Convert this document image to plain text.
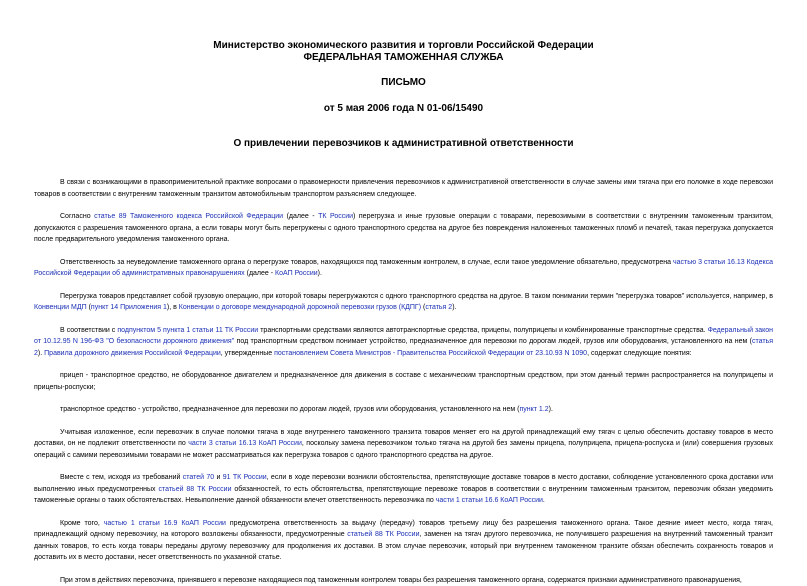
Министерство экономического развития и торговли Российской Федерации
ФЕДЕРАЛЬНАЯ ТАМОЖЕННАЯ СЛУЖБА
ПИСЬМО
от 5 мая 2006 года N 01-06/15490
О привлечении перевозчиков к административной ответственности

В связи с возникающими в правоприменительной практике вопросами о правомерности привлечения перевозчиков к административной ответственности в случае замены ими тягача при его поломке в ходе перевозки товаров в соответствии с внутренним таможенным транзитом автомобильным транспортом разъясняем следующее.

Согласно статье 89 Таможенного кодекса Российской Федерации (далее - ТК России) перегрузка и иные грузовые операции с товарами, перевозимыми в соответствии с внутренним таможенным транзитом, допускаются с разрешения таможенного органа, а если товары могут быть перегружены с одного транспортного средства на другое без повреждения наложенных таможенных пломб и печатей, такая перегрузка допускается после предварительного уведомления таможенного органа.

Ответственность за неуведомление таможенного органа о перегрузке товаров, находящихся под таможенным контролем, в случае, если такое уведомление обязательно, предусмотрена частью 3 статьи 16.13 Кодекса Российской Федерации об административных правонарушениях (далее - КоАП России).

Перегрузка товаров представляет собой грузовую операцию, при которой товары перегружаются с одного транспортного средства на другое. В таком понимании термин "перегрузка товаров" используется, например, в Конвенции МДП (пункт 14 Приложения 1), в Конвенции о договоре международной дорожной перевозки грузов (КДПГ) (статья 2).

В соответствии с подпунктом 5 пункта 1 статьи 11 ТК России транспортными средствами являются автотранспортные средства, прицепы, полуприцепы и комбинированные транспортные средства. Федеральный закон от 10.12.95 N 196-ФЗ "О безопасности дорожного движения" под транспортным средством понимает устройство, предназначенное для перевозки по дорогам людей, грузов или оборудования, установленного на нем (статья 2). Правила дорожного движения Российской Федерации, утвержденные постановлением Совета Министров - Правительства Российской Федерации от 23.10.93 N 1090, содержат следующие понятия:

прицеп - транспортное средство, не оборудованное двигателем и предназначенное для движения в составе с механическим транспортным средством, при этом данный термин распространяется на полуприцепы и прицепы-роспуски;

транспортное средство - устройство, предназначенное для перевозки по дорогам людей, грузов или оборудования, установленного на нем (пункт 1.2).

Учитывая изложенное, если перевозчик в случае поломки тягача в ходе внутреннего таможенного транзита товаров меняет его на другой принадлежащий ему тягач с целью обеспечить доставку товаров в место доставки, он не подлежит ответственности по части 3 статьи 16.13 КоАП России, поскольку замена перевозчиком только тягача на другой без замены прицепа, полуприцепа, прицепа-роспуска и (или) совершения грузовых операций с самими перевозимыми товарами не может рассматриваться как перегрузка товаров с одного транспортного средства на другое.

Вместе с тем, исходя из требований статей 70 и 91 ТК России, если в ходе перевозки возникли обстоятельства, препятствующие доставке товаров в место доставки, соблюдение установленного срока доставки или выполнению иных предусмотренных статьей 88 ТК России обязанностей, то есть обстоятельства, препятствующие перевозке товаров в соответствии с внутренним таможенным транзитом, перевозчик обязан уведомить таможенные органы о таких обстоятельствах. Невыполнение данной обязанности влечет ответственность перевозчика по части 1 статьи 16.6 КоАП России.

Кроме того, частью 1 статьи 16.9 КоАП России предусмотрена ответственность за выдачу (передачу) товаров третьему лицу без разрешения таможенного органа. Такое деяние имеет место, когда тягач, принадлежащий одному перевозчику, на которого возложены обязанности, предусмотренные статьей 88 ТК России, заменен на тягач другого перевозчика, не получившего разрешения на внутренний таможенный транзит данных товаров, то есть когда товары переданы другому перевозчику для продолжения их доставки. В этом случае перевозчик, который при внутреннем таможенном транзите обязан обеспечить сохранность товаров и доставить их в место доставки, несет ответственность по указанной статье.

При этом в действиях перевозчика, принявшего к перевозке находящиеся под таможенным контролем товары без разрешения таможенного органа, содержатся признаки административного правонарушения,
